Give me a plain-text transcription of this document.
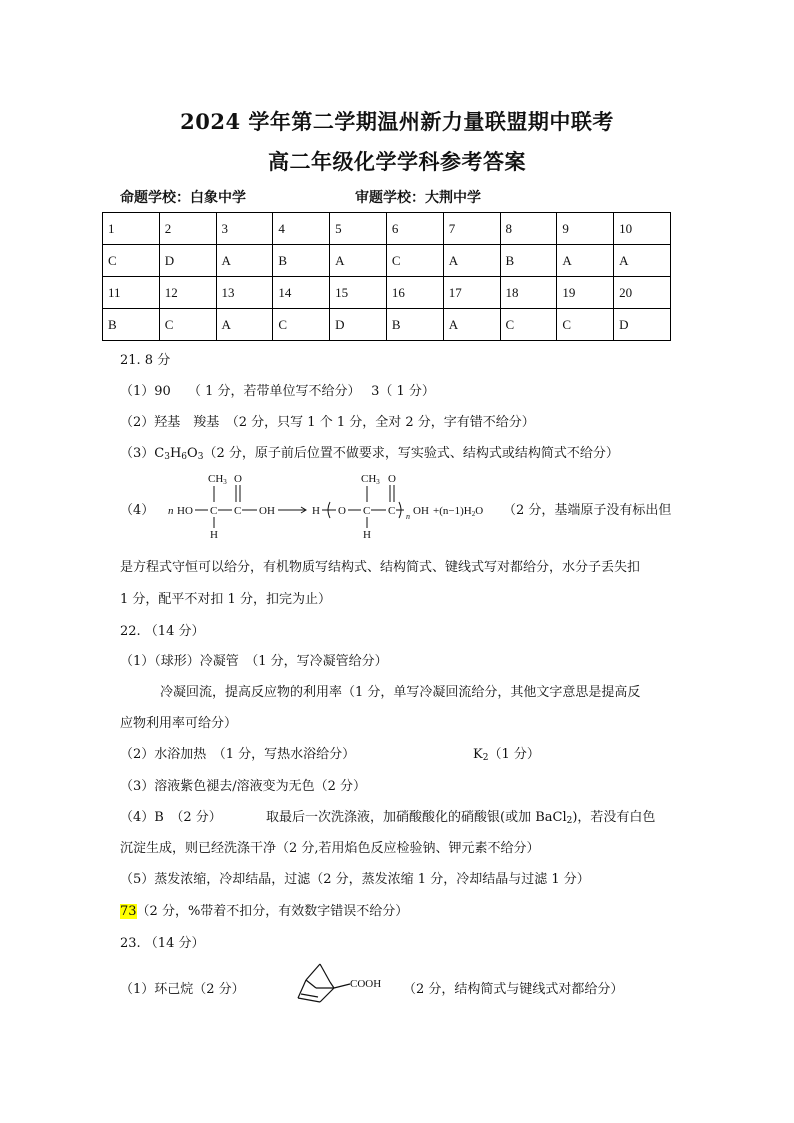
2024 学年第二学期温州新力量联盟期中联考
高二年级化学学科参考答案
命题学校：白象中学	审题学校：大荆中学
1	2	3	4	5	6	7	8	9	10
C	D	A	B	A	C	A	B	A	A
11	12	13	14	15	16	17	18	19	20
B	C	A	C	D	B	A	C	C	D
21. 8 分
（1）90　 （ 1 分，若带单位写不给分）　 3（ 1 分）
（2）羟基　羧基　（2 分，只写 1 个 1 分，全对 2 分，字有错不给分）
$(3)C_3H_6O_3(2$ 分，原子前后位置不做要求，写实验式、结构式或结构简式不给分）
（4） n HO
CH3 O
C C
H
OH	H O
CH3 O
C C
H
n OH +(n−1)H2O （2 分，基端原子没有标出但
是方程式守恒可以给分，有机物质写结构式、结构简式、键线式写对都给分，水分子丢失扣
1 分，配平不对扣 1 分，扣完为止）
22. （14 分）
（1）（球形）冷凝管　（1 分，写冷凝管给分）
冷凝回流，提高反应物的利用率（1 分，单写冷凝回流给分，其他文字意思是提高反
应物利用率可给分）
（2）水浴加热　（1 分，写热水浴给分）	$K_2(1$ 分）
（3）溶液紫色褪去/溶液变为无色（2 分）
（4）B　（2 分）	取最后一次洗涤液，加硝酸酸化的硝酸银(或加 BaCl$_2$)，若没有白色
沉淀生成，则已经洗涤干净（2 分,若用焰色反应检验钠、钾元素不给分）
（5）蒸发浓缩，冷却结晶，过滤（2 分，蒸发浓缩 1 分，冷却结晶与过滤 1 分）
73（2 分，%带着不扣分，有效数字错误不给分）
23. （14 分）
（1）环己烷（2 分）	COOH （2 分，结构简式与键线式对都给分）
